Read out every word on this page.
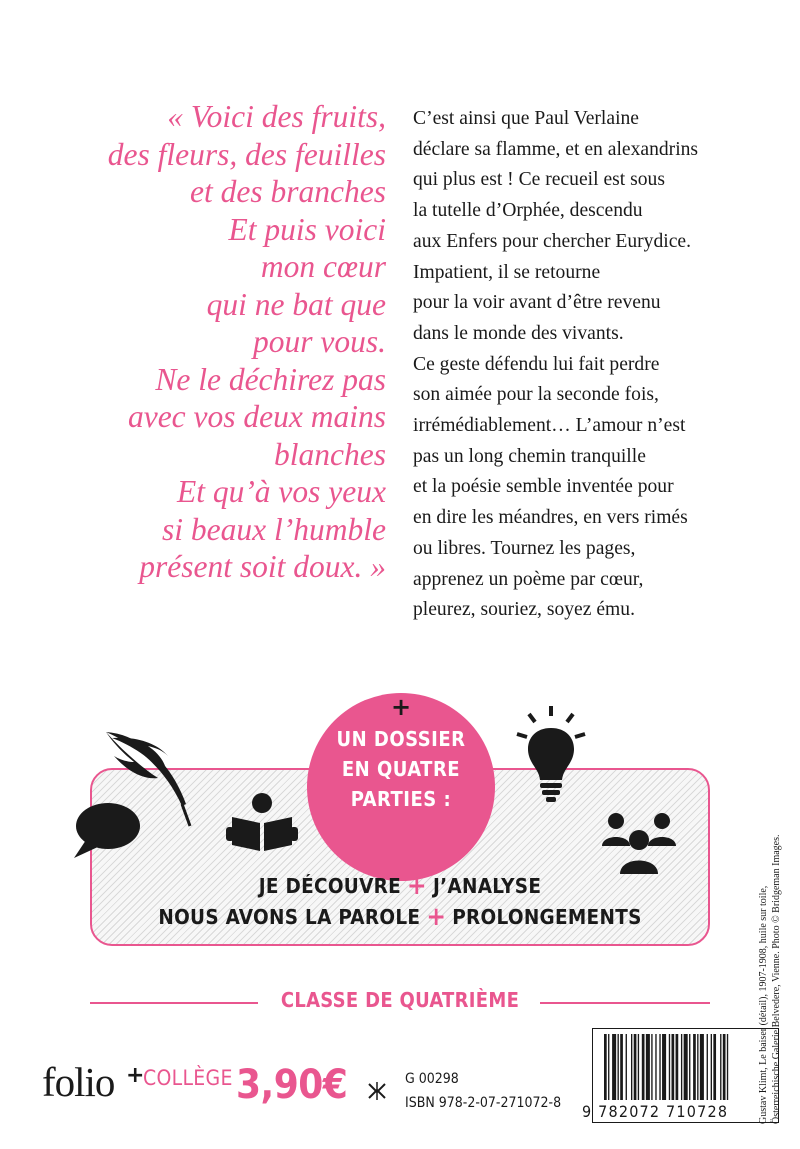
« Voici des fruits,
des fleurs, des feuilles
et des branches
Et puis voici
mon cœur
qui ne bat que
pour vous.
Ne le déchirez pas
avec vos deux mains
blanches
Et qu’à vos yeux
si beaux l’humble
présent soit doux. »
C’est ainsi que Paul Verlaine
déclare sa flamme, et en alexandrins
qui plus est ! Ce recueil est sous
la tutelle d’Orphée, descendu
aux Enfers pour chercher Eurydice.
Impatient, il se retourne
pour la voir avant d’être revenu
dans le monde des vivants.
Ce geste défendu lui fait perdre
son aimée pour la seconde fois,
irrémédiablement… L’amour n’est
pas un long chemin tranquille
et la poésie semble inventée pour
en dire les méandres, en vers rimés
ou libres. Tournez les pages,
apprenez un poème par cœur,
pleurez, souriez, soyez ému.
+
UN DOSSIER
EN QUATRE
PARTIES :
JE DÉCOUVRE + J’ANALYSE
NOUS AVONS LA PAROLE + PROLONGEMENTS
CLASSE DE QUATRIÈME
folio +
COLLÈGE 3,90€	G 00298
ISBN 978-2-07-271072-8 9 782072 710728	Gustav Klimt, Le baiser (détail), 1907-1908, huile sur toile, Österreichische Galerie Belvedere, Vienne. Photo © Bridgeman Images.
